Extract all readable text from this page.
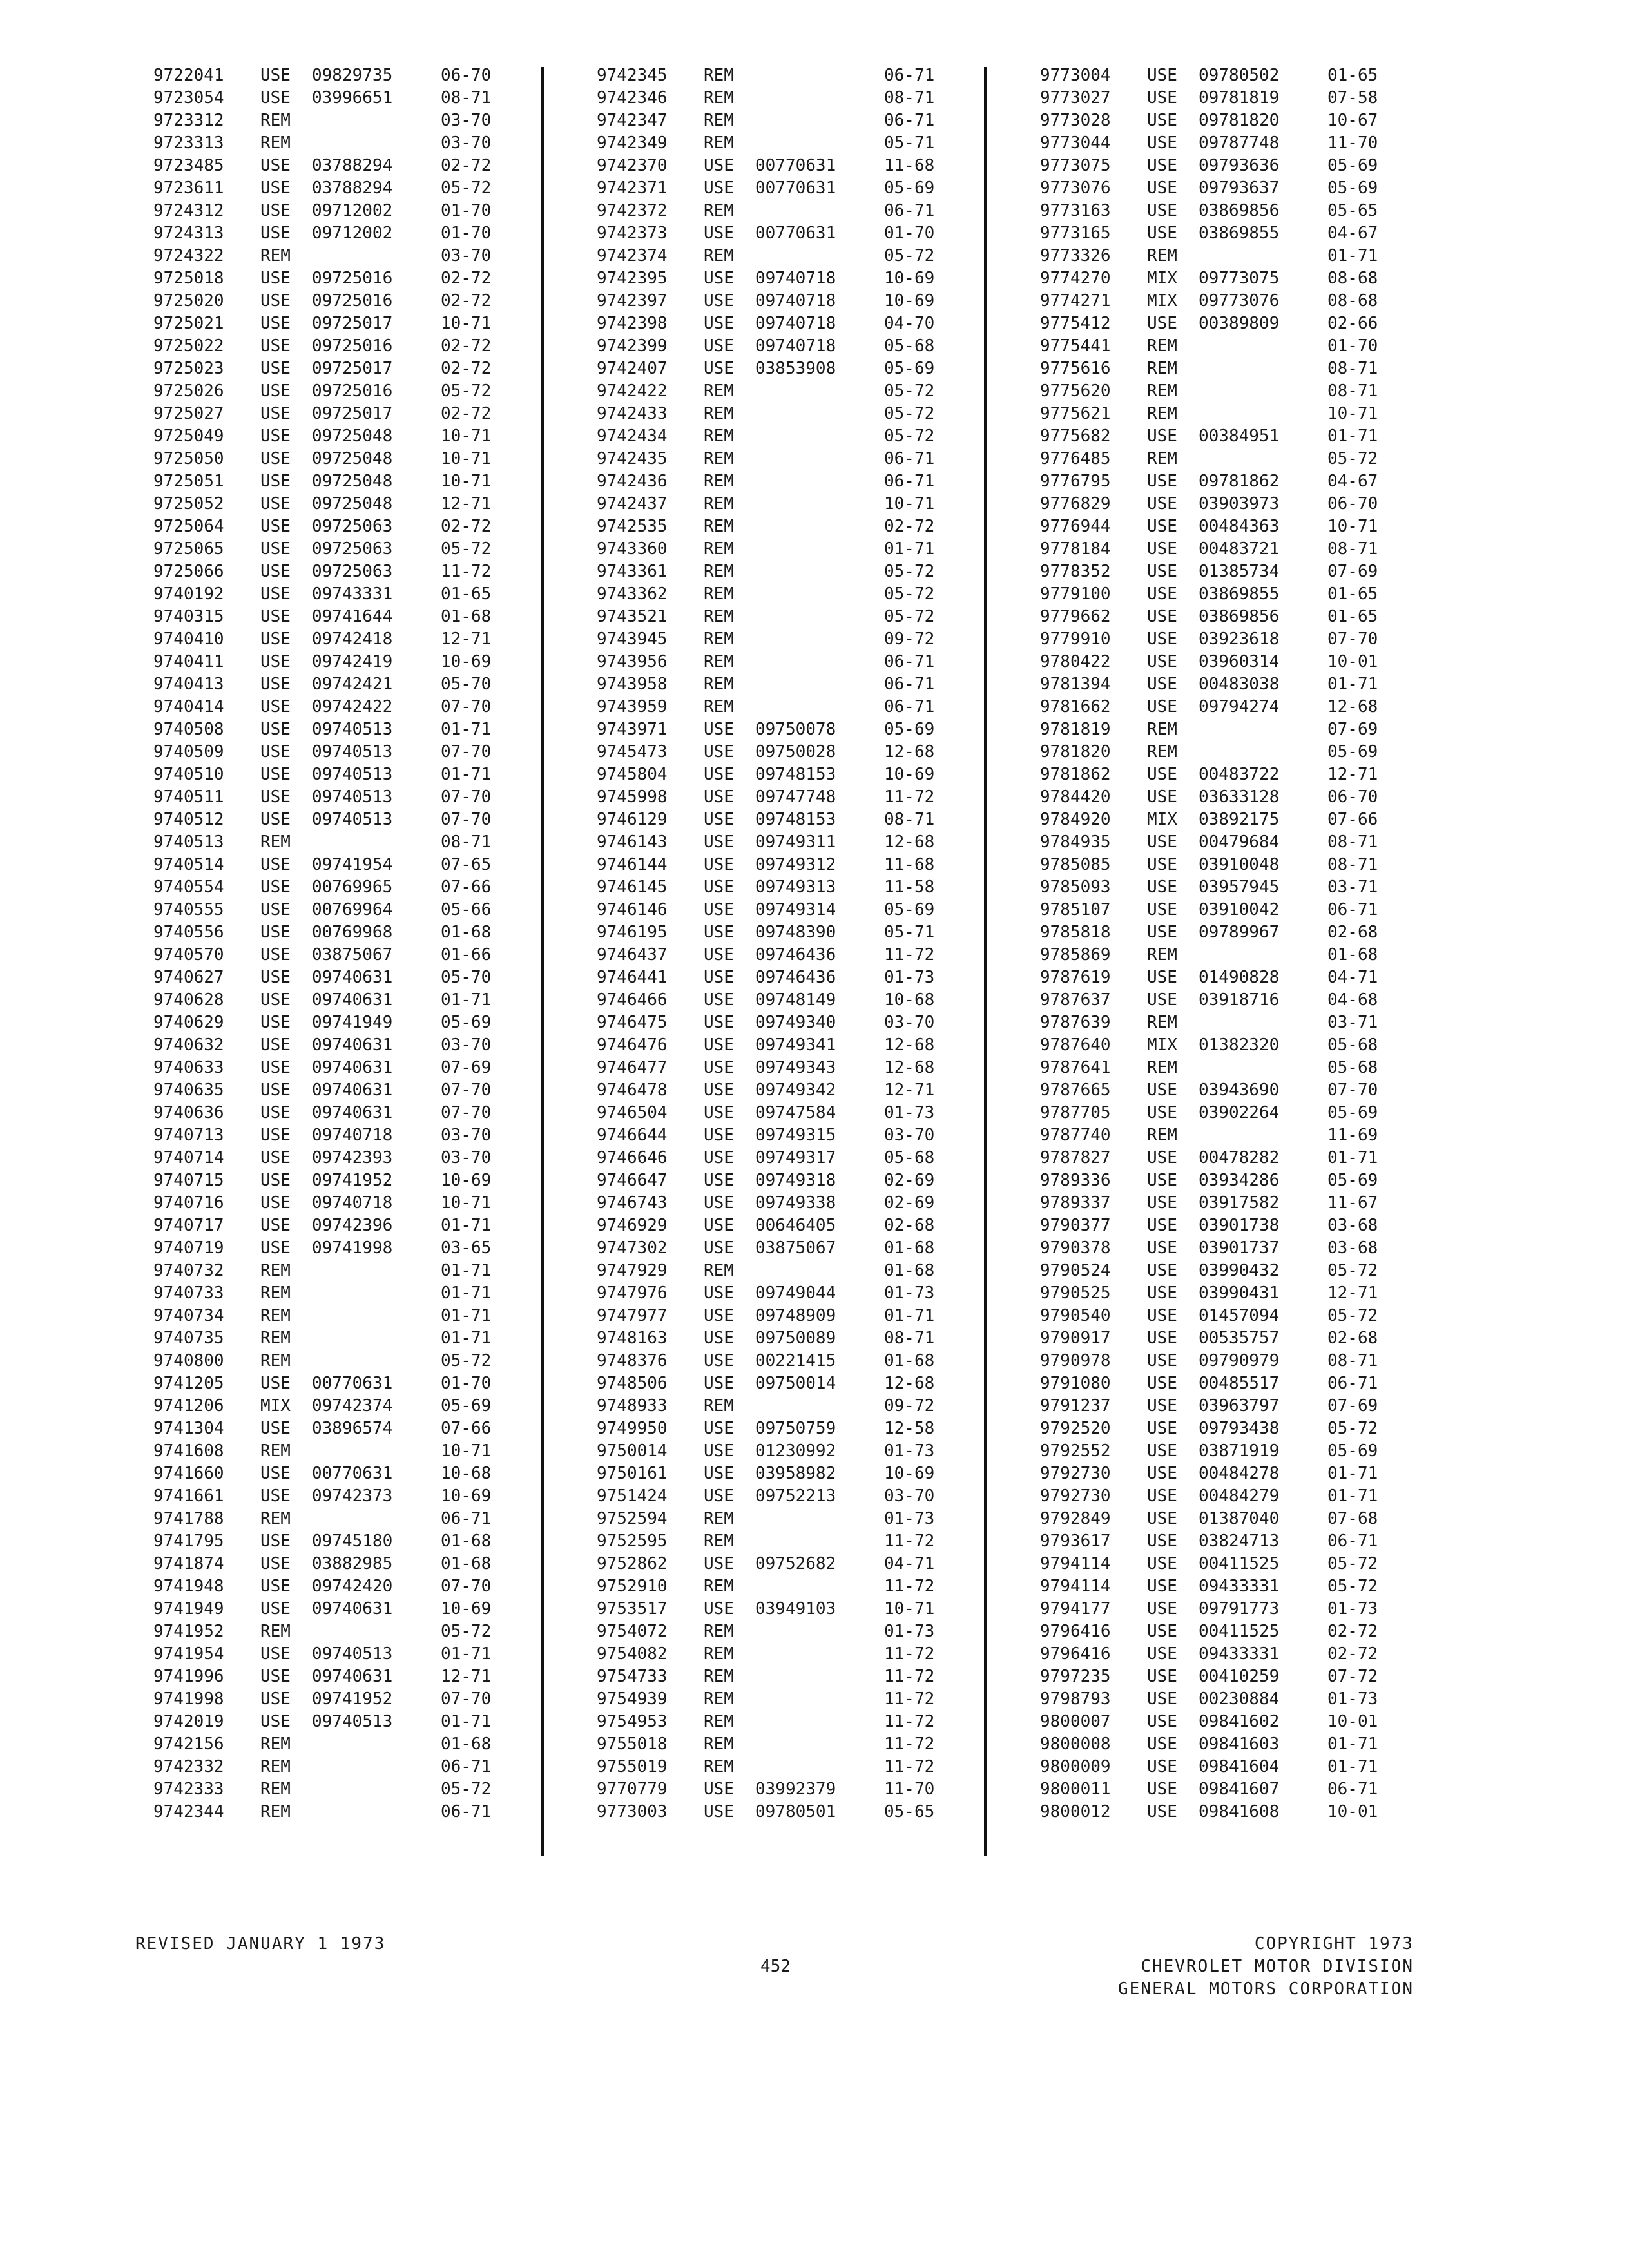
9722041 USE 09829735	06-70
9723054 USE 03996651	08-71
9723312 REM	03-70
9723313 REM	03-70
9723485 USE 03788294	02-72
9723611 USE 03788294	05-72
9724312 USE 09712002	01-70
9724313 USE 09712002	01-70
9724322 REM	03-70
9725018 USE 09725016	02-72
9725020 USE 09725016	02-72
9725021 USE 09725017	10-71
9725022 USE 09725016	02-72
9725023 USE 09725017	02-72
9725026 USE 09725016	05-72
9725027 USE 09725017	02-72
9725049 USE 09725048	10-71
9725050 USE 09725048	10-71
9725051 USE 09725048	10-71
9725052 USE 09725048	12-71
9725064 USE 09725063	02-72
9725065 USE 09725063	05-72
9725066 USE 09725063	11-72
9740192 USE 09743331	01-65
9740315 USE 09741644	01-68
9740410 USE 09742418	12-71
9740411 USE 09742419	10-69
9740413 USE 09742421	05-70
9740414 USE 09742422	07-70
9740508 USE 09740513	01-71
9740509 USE 09740513	07-70
9740510 USE 09740513	01-71
9740511 USE 09740513	07-70
9740512 USE 09740513	07-70
9740513 REM	08-71
9740514 USE 09741954	07-65
9740554 USE 00769965	07-66
9740555 USE 00769964	05-66
9740556 USE 00769968	01-68
9740570 USE 03875067	01-66
9740627 USE 09740631	05-70
9740628 USE 09740631	01-71
9740629 USE 09741949	05-69
9740632 USE 09740631	03-70
9740633 USE 09740631	07-69
9740635 USE 09740631	07-70
9740636 USE 09740631	07-70
9740713 USE 09740718	03-70
9740714 USE 09742393	03-70
9740715 USE 09741952	10-69
9740716 USE 09740718	10-71
9740717 USE 09742396	01-71
9740719 USE 09741998	03-65
9740732 REM	01-71
9740733 REM	01-71
9740734 REM	01-71
9740735 REM	01-71
9740800 REM	05-72
9741205 USE 00770631	01-70
9741206 MIX 09742374	05-69
9741304 USE 03896574	07-66
9741608 REM	10-71
9741660 USE 00770631	10-68
9741661 USE 09742373	10-69
9741788 REM	06-71
9741795 USE 09745180	01-68
9741874 USE 03882985	01-68
9741948 USE 09742420	07-70
9741949 USE 09740631	10-69
9741952 REM	05-72
9741954 USE 09740513	01-71
9741996 USE 09740631	12-71
9741998 USE 09741952	07-70
9742019 USE 09740513	01-71
9742156 REM	01-68
9742332 REM	06-71
9742333 REM	05-72
9742344 REM	06-71
9742345 REM	06-71
9742346 REM	08-71
9742347 REM	06-71
9742349 REM	05-71
9742370 USE 00770631	11-68
9742371 USE 00770631	05-69
9742372 REM	06-71
9742373 USE 00770631	01-70
9742374 REM	05-72
9742395 USE 09740718	10-69
9742397 USE 09740718	10-69
9742398 USE 09740718	04-70
9742399 USE 09740718	05-68
9742407 USE 03853908	05-69
9742422 REM	05-72
9742433 REM	05-72
9742434 REM	05-72
9742435 REM	06-71
9742436 REM	06-71
9742437 REM	10-71
9742535 REM	02-72
9743360 REM	01-71
9743361 REM	05-72
9743362 REM	05-72
9743521 REM	05-72
9743945 REM	09-72
9743956 REM	06-71
9743958 REM	06-71
9743959 REM	06-71
9743971 USE 09750078	05-69
9745473 USE 09750028	12-68
9745804 USE 09748153	10-69
9745998 USE 09747748	11-72
9746129 USE 09748153	08-71
9746143 USE 09749311	12-68
9746144 USE 09749312	11-68
9746145 USE 09749313	11-58
9746146 USE 09749314	05-69
9746195 USE 09748390	05-71
9746437 USE 09746436	11-72
9746441 USE 09746436	01-73
9746466 USE 09748149	10-68
9746475 USE 09749340	03-70
9746476 USE 09749341	12-68
9746477 USE 09749343	12-68
9746478 USE 09749342	12-71
9746504 USE 09747584	01-73
9746644 USE 09749315	03-70
9746646 USE 09749317	05-68
9746647 USE 09749318	02-69
9746743 USE 09749338	02-69
9746929 USE 00646405	02-68
9747302 USE 03875067	01-68
9747929 REM	01-68
9747976 USE 09749044	01-73
9747977 USE 09748909	01-71
9748163 USE 09750089	08-71
9748376 USE 00221415	01-68
9748506 USE 09750014	12-68
9748933 REM	09-72
9749950 USE 09750759	12-58
9750014 USE 01230992	01-73
9750161 USE 03958982	10-69
9751424 USE 09752213	03-70
9752594 REM	01-73
9752595 REM	11-72
9752862 USE 09752682	04-71
9752910 REM	11-72
9753517 USE 03949103	10-71
9754072 REM	01-73
9754082 REM	11-72
9754733 REM	11-72
9754939 REM	11-72
9754953 REM	11-72
9755018 REM	11-72
9755019 REM	11-72
9770779 USE 03992379	11-70
9773003 USE 09780501	05-65
9773004 USE 09780502	01-65
9773027 USE 09781819	07-58
9773028 USE 09781820	10-67
9773044 USE 09787748	11-70
9773075 USE 09793636	05-69
9773076 USE 09793637	05-69
9773163 USE 03869856	05-65
9773165 USE 03869855	04-67
9773326 REM	01-71
9774270 MIX 09773075	08-68
9774271 MIX 09773076	08-68
9775412 USE 00389809	02-66
9775441 REM	01-70
9775616 REM	08-71
9775620 REM	08-71
9775621 REM	10-71
9775682 USE 00384951	01-71
9776485 REM	05-72
9776795 USE 09781862	04-67
9776829 USE 03903973	06-70
9776944 USE 00484363	10-71
9778184 USE 00483721	08-71
9778352 USE 01385734	07-69
9779100 USE 03869855	01-65
9779662 USE 03869856	01-65
9779910 USE 03923618	07-70
9780422 USE 03960314	10-01
9781394 USE 00483038	01-71
9781662 USE 09794274	12-68
9781819 REM	07-69
9781820 REM	05-69
9781862 USE 00483722	12-71
9784420 USE 03633128	06-70
9784920 MIX 03892175	07-66
9784935 USE 00479684	08-71
9785085 USE 03910048	08-71
9785093 USE 03957945	03-71
9785107 USE 03910042	06-71
9785818 USE 09789967	02-68
9785869 REM	01-68
9787619 USE 01490828	04-71
9787637 USE 03918716	04-68
9787639 REM	03-71
9787640 MIX 01382320	05-68
9787641 REM	05-68
9787665 USE 03943690	07-70
9787705 USE 03902264	05-69
9787740 REM	11-69
9787827 USE 00478282	01-71
9789336 USE 03934286	05-69
9789337 USE 03917582	11-67
9790377 USE 03901738	03-68
9790378 USE 03901737	03-68
9790524 USE 03990432	05-72
9790525 USE 03990431	12-71
9790540 USE 01457094	05-72
9790917 USE 00535757	02-68
9790978 USE 09790979	08-71
9791080 USE 00485517	06-71
9791237 USE 03963797	07-69
9792520 USE 09793438	05-72
9792552 USE 03871919	05-69
9792730 USE 00484278	01-71
9792730 USE 00484279	01-71
9792849 USE 01387040	07-68
9793617 USE 03824713	06-71
9794114 USE 00411525	05-72
9794114 USE 09433331	05-72
9794177 USE 09791773	01-73
9796416 USE 00411525	02-72
9796416 USE 09433331	02-72
9797235 USE 00410259	07-72
9798793 USE 00230884	01-73
9800007 USE 09841602	10-01
9800008 USE 09841603	01-71
9800009 USE 09841604	01-71
9800011 USE 09841607	06-71
9800012 USE 09841608	10-01
REVISED JANUARY 1 1973
452
COPYRIGHT 1973
CHEVROLET MOTOR DIVISION
GENERAL MOTORS CORPORATION
